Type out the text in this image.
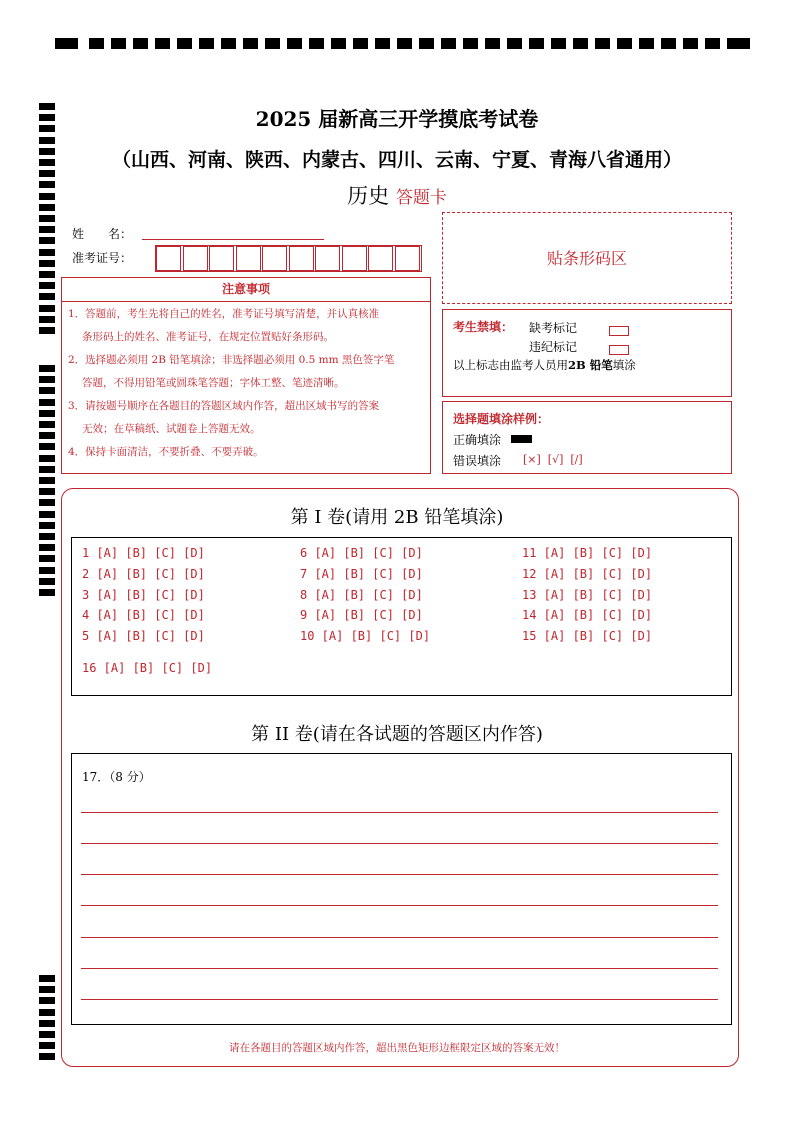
2025 届新高三开学摸底考试卷
（山西、河南、陕西、内蒙古、四川、云南、宁夏、青海八省通用）
历史 答题卡
姓　　名：
准考证号：
注意事项
1．答题前，考生先将自己的姓名，准考证号填写清楚，并认真核准
条形码上的姓名、准考证号，在规定位置贴好条形码。
2．选择题必须用 2B 铅笔填涂；非选择题必须用 0.5 mm 黑色签字笔
答题，不得用铅笔或圆珠笔答题；字体工整、笔迹清晰。
3．请按题号顺序在各题目的答题区域内作答，超出区域书写的答案
无效；在草稿纸、试题卷上答题无效。
4．保持卡面清洁，不要折叠、不要弄破。
贴条形码区
考生禁填： 缺考标记
违纪标记
以上标志由监考人员用2B 铅笔填涂
选择题填涂样例：
正确填涂
错误填涂 [×]  [√]  [/]
第 I 卷(请用 2B 铅笔填涂)
1 [A] [B] [C] [D]
2 [A] [B] [C] [D]
3 [A] [B] [C] [D]
4 [A] [B] [C] [D]
5 [A] [B] [C] [D]
6 [A] [B] [C] [D]
7 [A] [B] [C] [D]
8 [A] [B] [C] [D]
9 [A] [B] [C] [D]
10 [A] [B] [C] [D]
11 [A] [B] [C] [D]
12 [A] [B] [C] [D]
13 [A] [B] [C] [D]
14 [A] [B] [C] [D]
15 [A] [B] [C] [D]
16 [A] [B] [C] [D]
第 II 卷(请在各试题的答题区内作答)
17．（8 分）
请在各题目的答题区域内作答，超出黑色矩形边框限定区域的答案无效！
